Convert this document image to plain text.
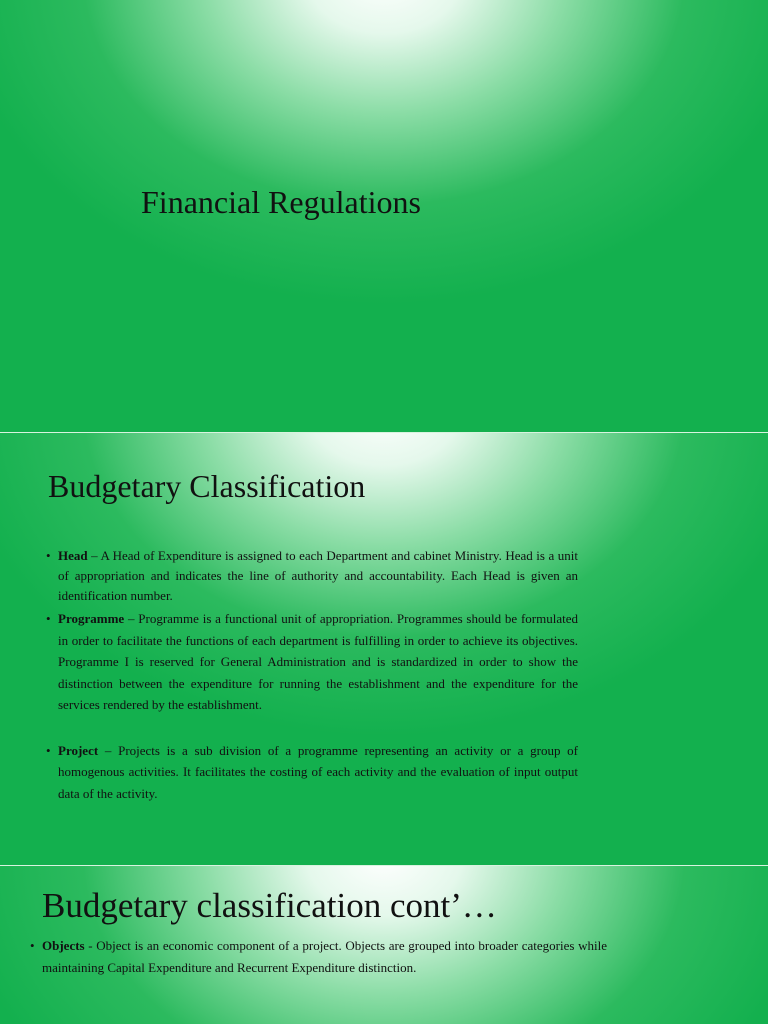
Financial Regulations
Budgetary Classification
• Head – A Head of Expenditure is assigned to each Department and cabinet Ministry. Head is a unit of appropriation and indicates the line of authority and accountability. Each Head is given an identification number.
• Programme – Programme is a functional unit of appropriation. Programmes should be formulated in order to facilitate the functions of each department is fulfilling in order to achieve its objectives. Programme I is reserved for General Administration and is standardized in order to show the distinction between the expenditure for running the establishment and the expenditure for the services rendered by the establishment.
• Project – Projects is a sub division of a programme representing an activity or a group of homogenous activities. It facilitates the costing of each activity and the evaluation of input output data of the activity.
Budgetary classification cont’…
• Objects - Object is an economic component of a project. Objects are grouped into broader categories while maintaining Capital Expenditure and Recurrent Expenditure distinction.
